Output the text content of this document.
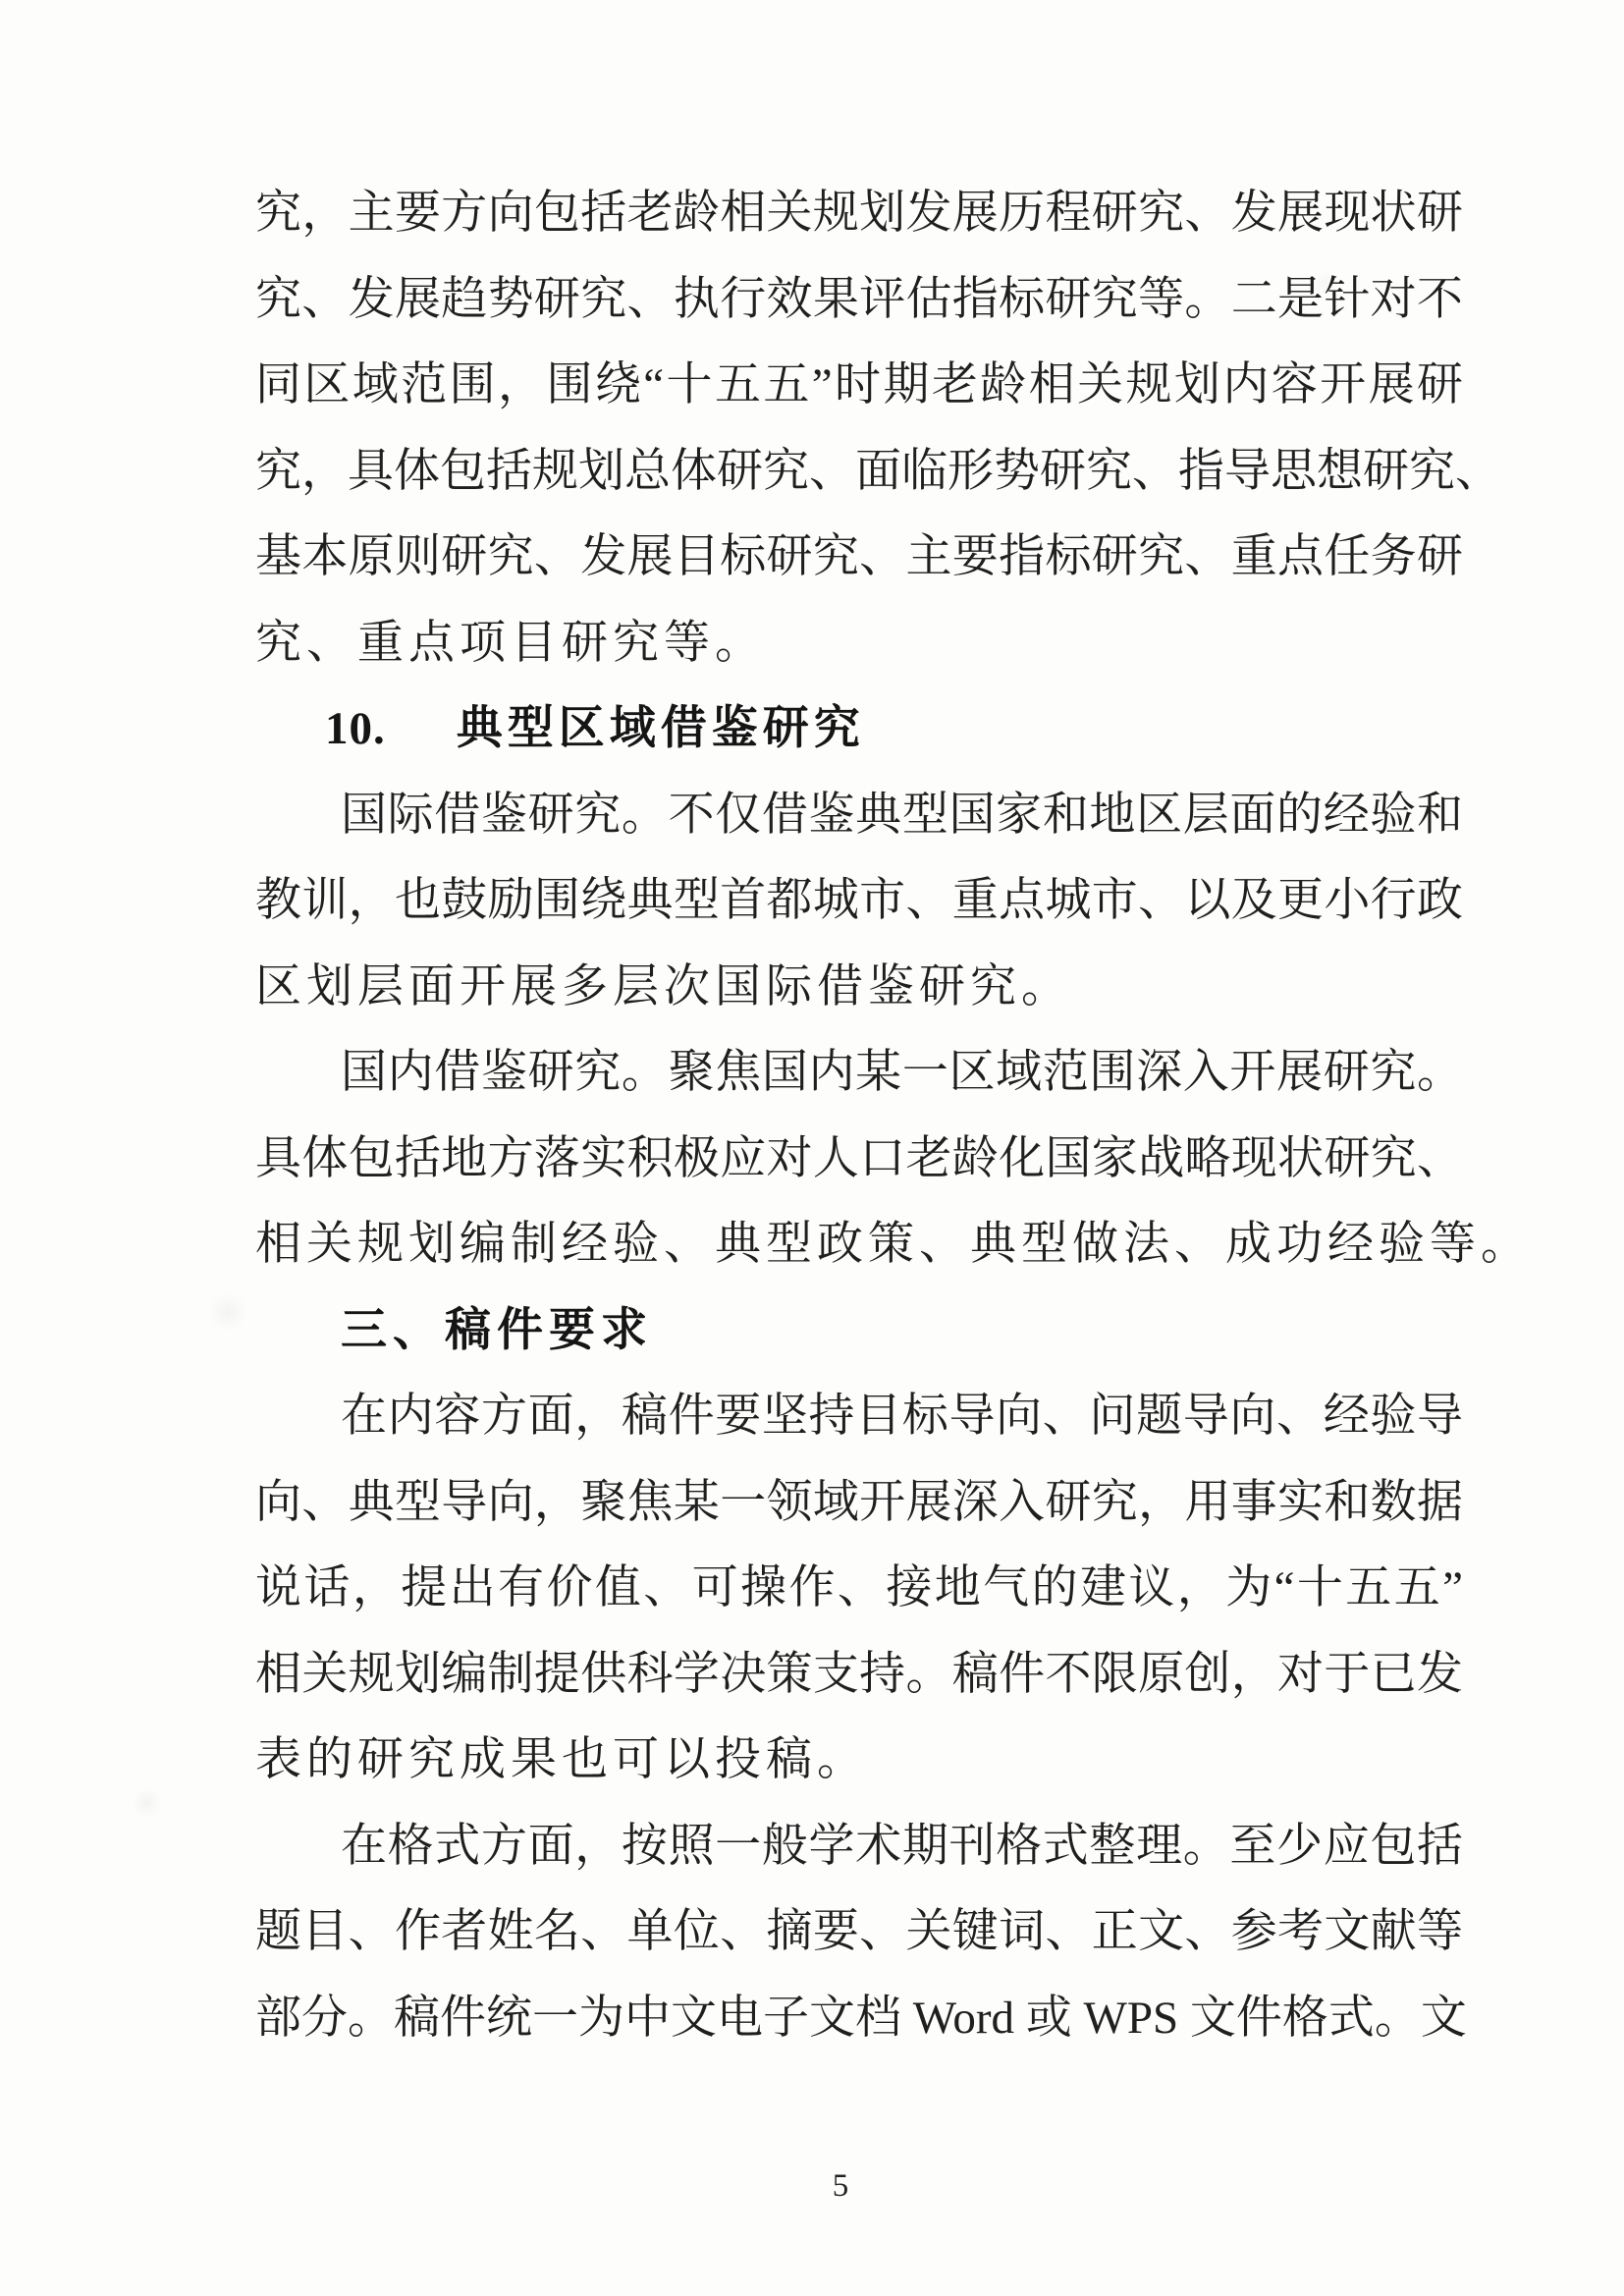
究，主要方向包括老龄相关规划发展历程研究、发展现状研
究、发展趋势研究、执行效果评估指标研究等。二是针对不
同区域范围，围绕“十五五”时期老龄相关规划内容开展研
究，具体包括规划总体研究、面临形势研究、指导思想研究、
基本原则研究、发展目标研究、主要指标研究、重点任务研
究、重点项目研究等。
10. 典型区域借鉴研究
国际借鉴研究。不仅借鉴典型国家和地区层面的经验和
教训，也鼓励围绕典型首都城市、重点城市、以及更小行政
区划层面开展多层次国际借鉴研究。
国内借鉴研究。聚焦国内某一区域范围深入开展研究。
具体包括地方落实积极应对人口老龄化国家战略现状研究、
相关规划编制经验、典型政策、典型做法、成功经验等。
三、稿件要求
在内容方面，稿件要坚持目标导向、问题导向、经验导
向、典型导向，聚焦某一领域开展深入研究，用事实和数据
说话，提出有价值、可操作、接地气的建议，为“十五五”
相关规划编制提供科学决策支持。稿件不限原创，对于已发
表的研究成果也可以投稿。
在格式方面，按照一般学术期刊格式整理。至少应包括
题目、作者姓名、单位、摘要、关键词、正文、参考文献等
部分。稿件统一为中文电子文档 Word 或 WPS 文件格式。文
5
